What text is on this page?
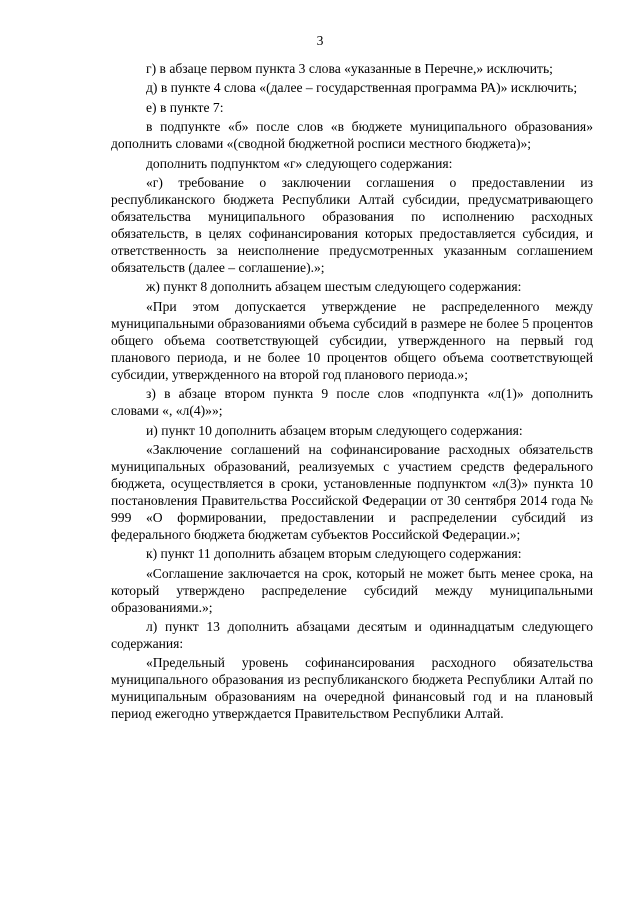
3

г) в абзаце первом пункта 3 слова «указанные в Перечне,» исключить;

д) в пункте 4 слова «(далее – государственная программа РА)» исключить;

е) в пункте 7:

в подпункте «б» после слов «в бюджете муниципального образования» дополнить словами «(сводной бюджетной росписи местного бюджета)»;

дополнить подпунктом «г» следующего содержания:

«г) требование о заключении соглашения о предоставлении из республиканского бюджета Республики Алтай субсидии, предусматривающего обязательства муниципального образования по исполнению расходных обязательств, в целях софинансирования которых предоставляется субсидия, и ответственность за неисполнение предусмотренных указанным соглашением обязательств (далее – соглашение).»;

ж) пункт 8 дополнить абзацем шестым следующего содержания:

«При этом допускается утверждение не распределенного между муниципальными образованиями объема субсидий в размере не более 5 процентов общего объема соответствующей субсидии, утвержденного на первый год планового периода, и не более 10 процентов общего объема соответствующей субсидии, утвержденного на второй год планового периода.»;

з) в абзаце втором пункта 9 после слов «подпункта «л(1)» дополнить словами «, «л(4)»»;

и) пункт 10 дополнить абзацем вторым следующего содержания:

«Заключение соглашений на софинансирование расходных обязательств муниципальных образований, реализуемых с участием средств федерального бюджета, осуществляется в сроки, установленные подпунктом «л(3)» пункта 10 постановления Правительства Российской Федерации от 30 сентября 2014 года № 999 «О формировании, предоставлении и распределении субсидий из федерального бюджета бюджетам субъектов Российской Федерации.»;

к) пункт 11 дополнить абзацем вторым следующего содержания:

«Соглашение заключается на срок, который не может быть менее срока, на который утверждено распределение субсидий между муниципальными образованиями.»;

л) пункт 13 дополнить абзацами десятым и одиннадцатым следующего содержания:

«Предельный уровень софинансирования расходного обязательства муниципального образования из республиканского бюджета Республики Алтай по муниципальным образованиям на очередной финансовый год и на плановый период ежегодно утверждается Правительством Республики Алтай.
